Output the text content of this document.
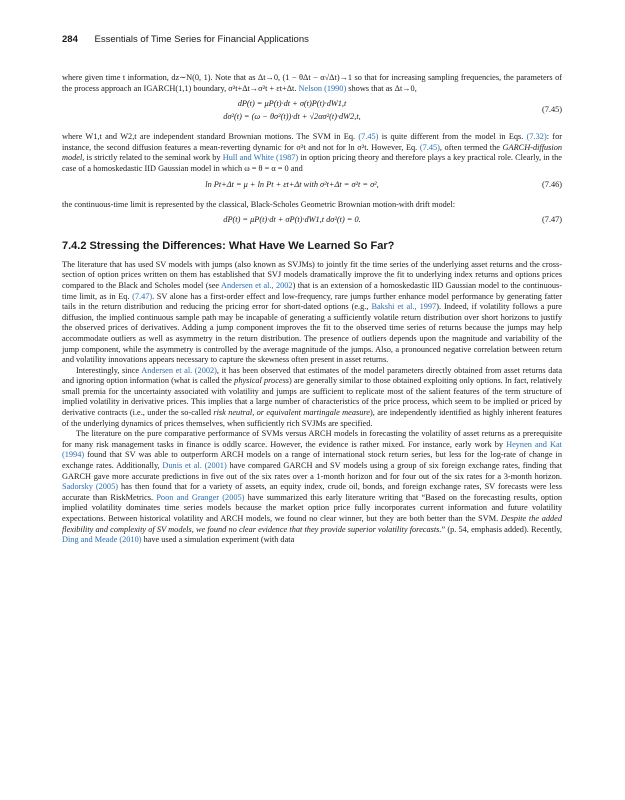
284 Essentials of Time Series for Financial Applications

where given time t information, dz∼N(0, 1). Note that as Δt→0, (1 − θΔt − α√Δt)→1 so that for increasing sampling frequencies, the parameters of the process approach an IGARCH(1,1) boundary, σ²t+Δt→σ²t + εt+Δt. Nelson (1990) shows that as Δt→0,

dP(t) = μP(t)·dt + σ(t)P(t)·dW1,t
dσ²(t) = (ω − θσ²(t))·dt + √2ασ²(t)·dW2,t,
(7.45)

where W1,t and W2,t are independent standard Brownian motions. The SVM in Eq. (7.45) is quite different from the model in Eqs. (7.32): for instance, the second diffusion features a mean-reverting dynamic for σ²t and not for ln σ²t. However, Eq. (7.45), often termed the GARCH-diffusion model, is strictly related to the seminal work by Hull and White (1987) in option pricing theory and therefore plays a key practical role. Clearly, in the case of a homoskedastic IID Gaussian model in which ω = θ = α = 0 and

ln Pt+Δt = μ + ln Pt + εt+Δt with σ²t+Δt = σ²t = σ²,	(7.46)

the continuous-time limit is represented by the classical, Black-Scholes Geometric Brownian motion-with drift model:

dP(t) = μP(t)·dt + σP(t)·dW1,t dσ²(t) = 0.	(7.47)
7.4.2 Stressing the Differences: What Have We Learned So Far?

The literature that has used SV models with jumps (also known as SVJMs) to jointly fit the time series of the underlying asset returns and the cross-section of option prices written on them has established that SVJ models dramatically improve the fit to underlying index returns and options prices compared to the Black and Scholes model (see Andersen et al., 2002) that is an extension of a homoskedastic IID Gaussian model to the continuous-time limit, as in Eq. (7.47). SV alone has a first-order effect and low-frequency, rare jumps further enhance model performance by generating fatter tails in the return distribution and reducing the pricing error for short-dated options (e.g., Bakshi et al., 1997). Indeed, if volatility follows a pure diffusion, the implied continuous sample path may be incapable of generating a sufficiently volatile return distribution over short horizons to justify the observed prices of derivatives. Adding a jump component improves the fit to the observed time series of returns because the jumps may help accommodate outliers as well as asymmetry in the return distribution. The presence of outliers depends upon the magnitude and variability of the jump component, while the asymmetry is controlled by the average magnitude of the jumps. Also, a pronounced negative correlation between return and volatility innovations appears necessary to capture the skewness often present in asset returns.

Interestingly, since Andersen et al. (2002), it has been observed that estimates of the model parameters directly obtained from asset returns data and ignoring option information (what is called the physical process) are generally similar to those obtained exploiting only options. In fact, relatively small premia for the uncertainty associated with volatility and jumps are sufficient to replicate most of the salient features of the term structure of implied volatility in derivative prices. This implies that a large number of characteristics of the price process, which seem to be implied or priced by derivative contracts (i.e., under the so-called risk neutral, or equivalent martingale measure), are independently identified as highly inherent features of the underlying dynamics of prices themselves, when sufficiently rich SVJMs are specified.

The literature on the pure comparative performance of SVMs versus ARCH models in forecasting the volatility of asset returns as a prerequisite for many risk management tasks in finance is oddly scarce. However, the evidence is rather mixed. For instance, early work by Heynen and Kat (1994) found that SV was able to outperform ARCH models on a range of international stock return series, but less for the log-rate of change in exchange rates. Additionally, Dunis et al. (2001) have compared GARCH and SV models using a group of six foreign exchange rates, finding that GARCH gave more accurate predictions in five out of the six rates over a 1-month horizon and for four out of the six rates for a 3-month horizon. Sadorsky (2005) has then found that for a variety of assets, an equity index, crude oil, bonds, and foreign exchange rates, SV forecasts were less accurate than RiskMetrics. Poon and Granger (2005) have summarized this early literature writing that “Based on the forecasting results, option implied volatility dominates time series models because the market option price fully incorporates current information and future volatility expectations. Between historical volatility and ARCH models, we found no clear winner, but they are both better than the SVM. Despite the added flexibility and complexity of SV models, we found no clear evidence that they provide superior volatility forecasts.” (p. 54, emphasis added). Recently, Ding and Meade (2010) have used a simulation experiment (with data
